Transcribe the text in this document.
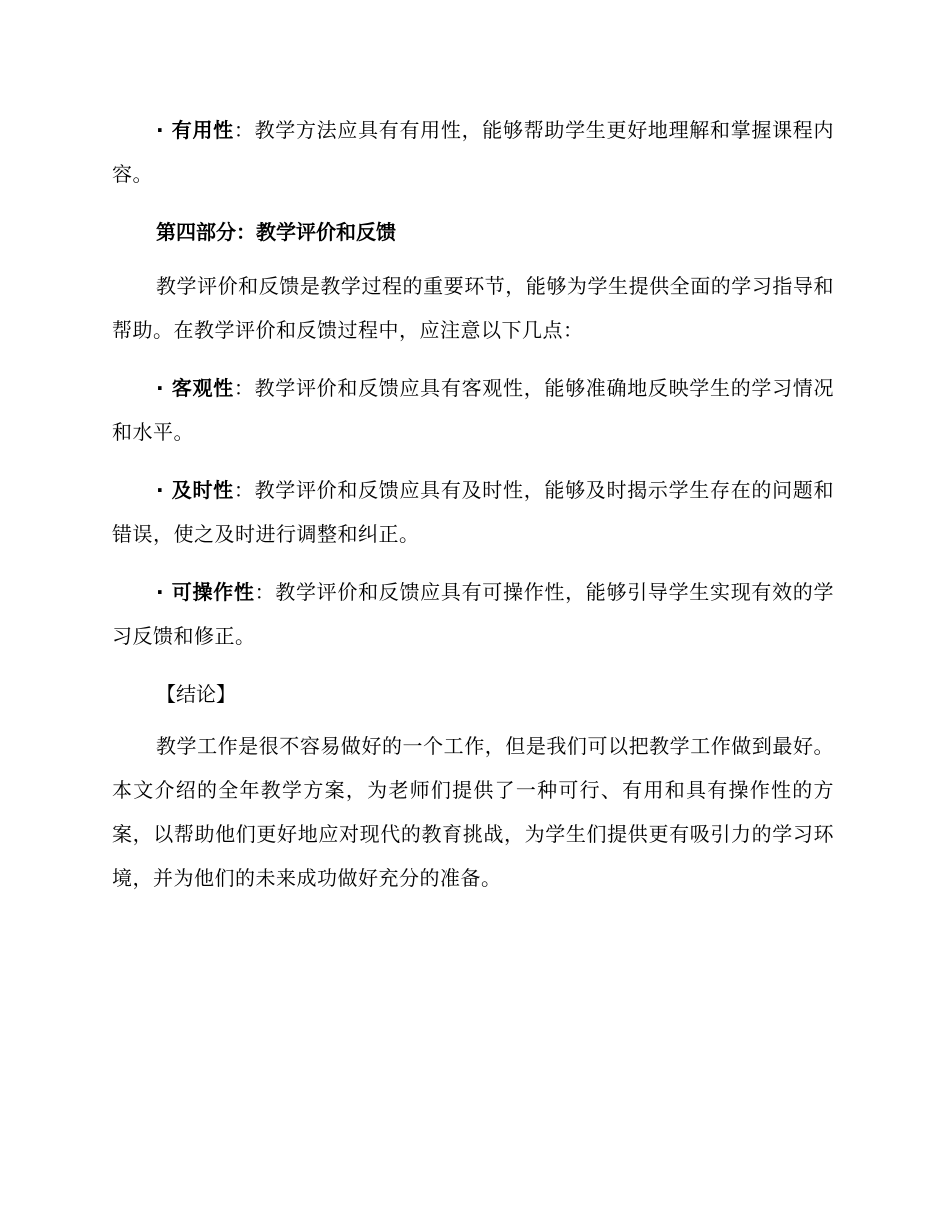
· 有用性：教学方法应具有有用性，能够帮助学生更好地理解和掌握课程内容。

第四部分：教学评价和反馈

教学评价和反馈是教学过程的重要环节，能够为学生提供全面的学习指导和帮助。在教学评价和反馈过程中，应注意以下几点：

· 客观性：教学评价和反馈应具有客观性，能够准确地反映学生的学习情况和水平。

· 及时性：教学评价和反馈应具有及时性，能够及时揭示学生存在的问题和错误，使之及时进行调整和纠正。

· 可操作性：教学评价和反馈应具有可操作性，能够引导学生实现有效的学习反馈和修正。

【结论】

教学工作是很不容易做好的一个工作，但是我们可以把教学工作做到最好。本文介绍的全年教学方案，为老师们提供了一种可行、有用和具有操作性的方案，以帮助他们更好地应对现代的教育挑战，为学生们提供更有吸引力的学习环境，并为他们的未来成功做好充分的准备。
